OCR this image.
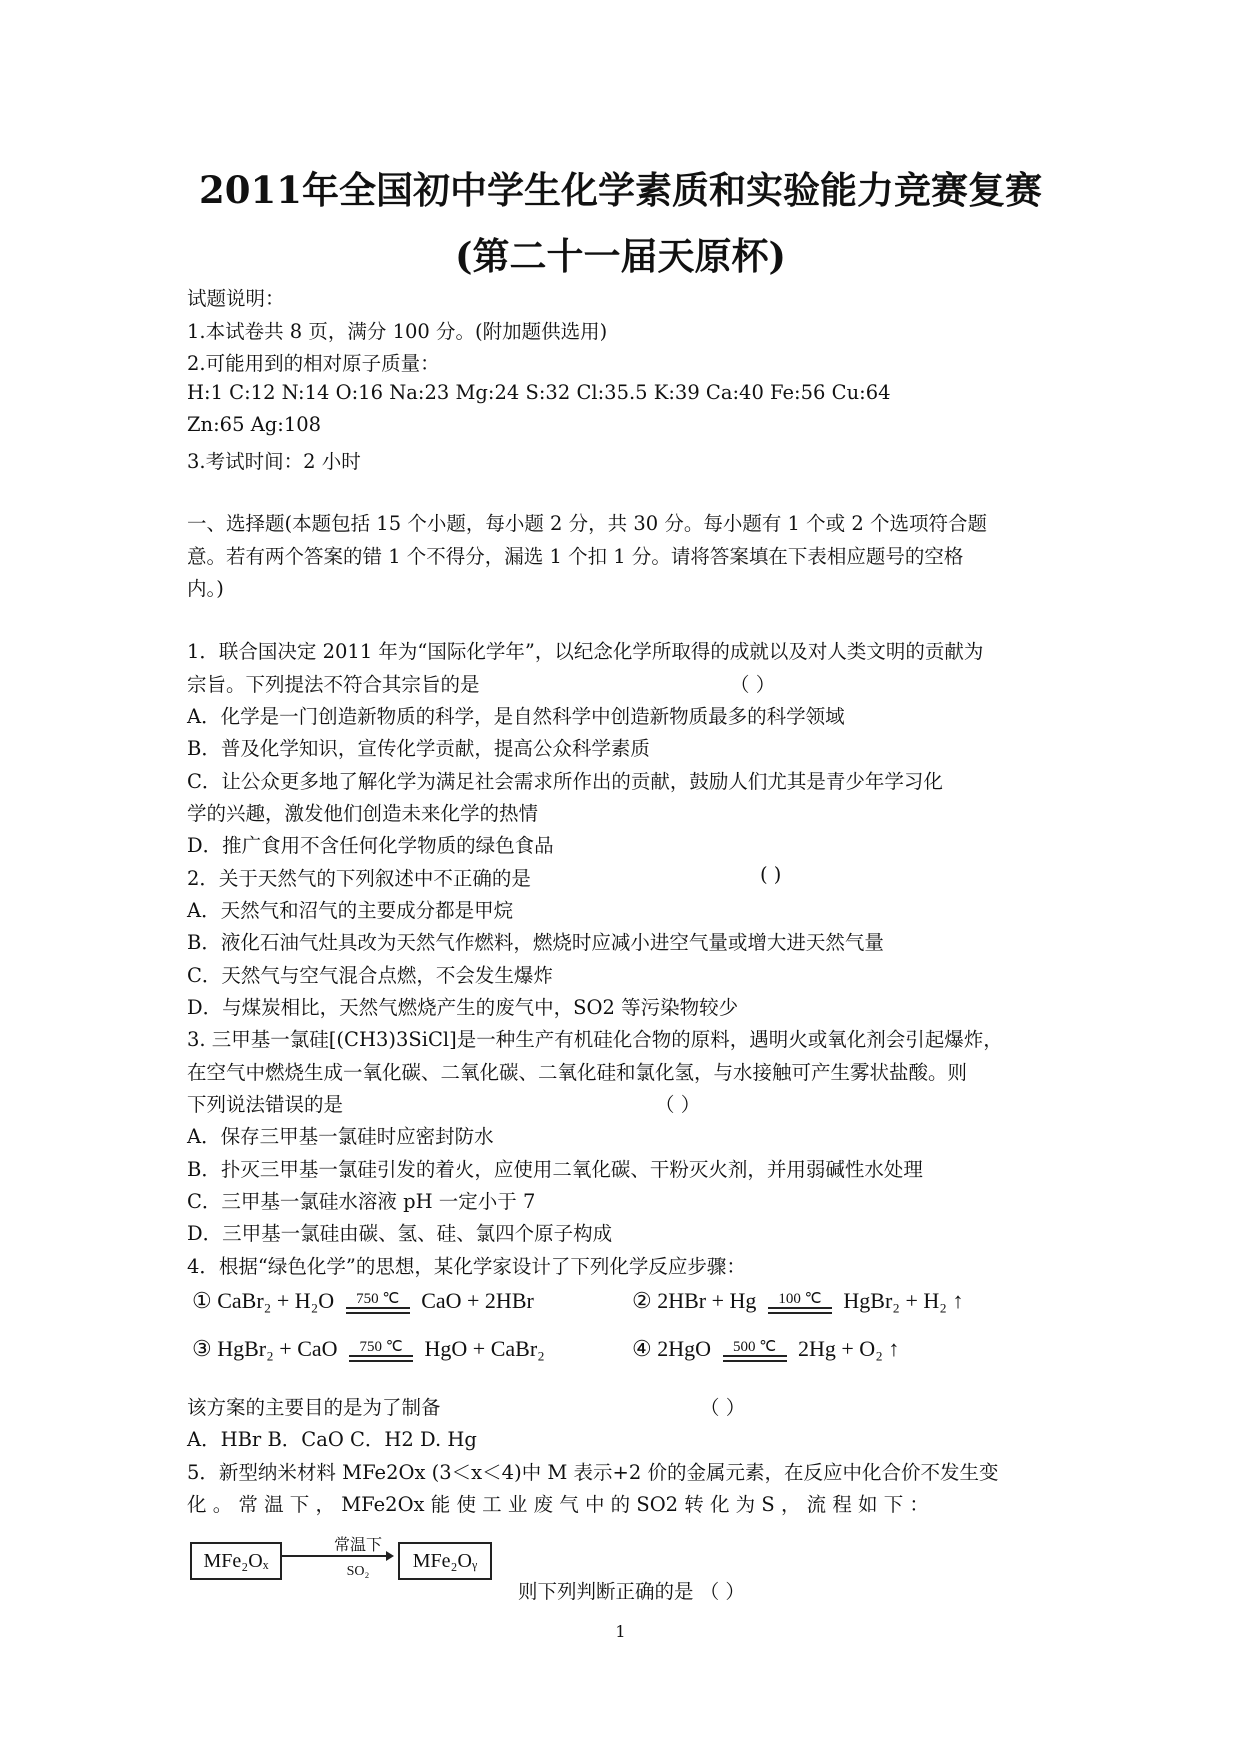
2011年全国初中学生化学素质和实验能力竞赛复赛
(第二十一届天原杯)
试题说明：
1.本试卷共 8 页，满分 100 分。(附加题供选用)
2.可能用到的相对原子质量：
H:1 C:12 N:14 O:16 Na:23 Mg:24 S:32 Cl:35.5 K:39 Ca:40 Fe:56 Cu:64
Zn:65 Ag:108
3.考试时间：2 小时
一、选择题(本题包括 15 个小题，每小题 2 分，共 30 分。每小题有 1 个或 2 个选项符合题
意。若有两个答案的错 1 个不得分，漏选 1 个扣 1 分。请将答案填在下表相应题号的空格
内。)
1．联合国决定 2011 年为“国际化学年”，以纪念化学所取得的成就以及对人类文明的贡献为
宗旨。下列提法不符合其宗旨的是	（ ）
A．化学是一门创造新物质的科学，是自然科学中创造新物质最多的科学领域
B．普及化学知识，宣传化学贡献，提高公众科学素质
C．让公众更多地了解化学为满足社会需求所作出的贡献，鼓励人们尤其是青少年学习化
学的兴趣，激发他们创造未来化学的热情
D．推广食用不含任何化学物质的绿色食品
2．关于天然气的下列叙述中不正确的是	( )
A．天然气和沼气的主要成分都是甲烷
B．液化石油气灶具改为天然气作燃料，燃烧时应减小进空气量或增大进天然气量
C．天然气与空气混合点燃，不会发生爆炸
D．与煤炭相比，天然气燃烧产生的废气中，SO2 等污染物较少
3. 三甲基一氯硅[(CH3)3SiCl]是一种生产有机硅化合物的原料，遇明火或氧化剂会引起爆炸，
在空气中燃烧生成一氧化碳、二氧化碳、二氧化硅和氯化氢，与水接触可产生雾状盐酸。则
下列说法错误的是	（ ）
A．保存三甲基一氯硅时应密封防水
B．扑灭三甲基一氯硅引发的着火，应使用二氧化碳、干粉灭火剂，并用弱碱性水处理
C．三甲基一氯硅水溶液 pH 一定小于 7
D．三甲基一氯硅由碳、氢、硅、氯四个原子构成
4．根据“绿色化学”的思想，某化学家设计了下列化学反应步骤：
① CaBr₂ + H₂O	750 ℃ CaO + 2HBr	② 2HBr + Hg	100 ℃ HgBr₂ + H₂ ↑
③ HgBr₂ + CaO	750 ℃ HgO + CaBr₂	④ 2HgO	500 ℃ 2Hg + O₂ ↑
该方案的主要目的是为了制备	（ ）
A．HBr B．CaO C．H2 D. Hg
5．新型纳米材料 MFe2Ox (3＜x＜4)中 M 表示+2 价的金属元素，在反应中化合价不发生变
化 。 常 温 下 ， MFe2Ox 能 使 工 业 废 气 中 的 SO2 转 化 为 S ， 流 程 如 下 ：
MFe₂Oₓ
常温下
SO₂	MFe₂Oᵧ
则下列判断正确的是 （ ）
1
